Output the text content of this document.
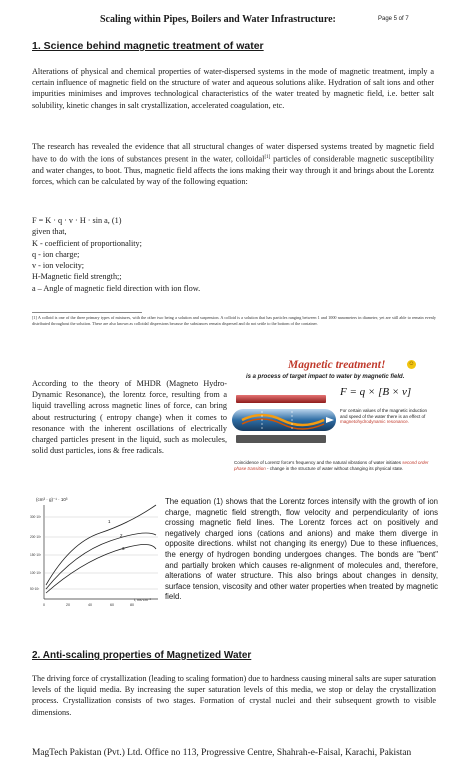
Scaling within Pipes, Boilers and Water Infrastructure:	Page 5 of 7
1. Science behind magnetic treatment of water

Alterations of physical and chemical properties of water-dispersed systems in the mode of magnetic treatment, imply a certain influence of magnetic field on the structure of water and aqueous solutions alike. Hydration of salt ions and other impurities minimises and improves technological characteristics of the water treated by magnetic field, i.e. better salt solubility, kinetic changes in salt crystallization, accelerated coagulation, etc.

The research has revealed the evidence that all structural changes of water dispersed systems treated by magnetic field have to do with the ions of substances present in the water, colloidal[1] particles of considerable magnetic susceptibility and water changes, to boot. Thus, magnetic field affects the ions making their way through it and brings about the Lorentz forces, which can be calculated by way of the following equation:

F = K · q · v · H · sin a, (1)
given that,
K - coefficient of proportionality;
q - ion charge;
v - ion velocity;
H-Magnetic field strength;;
a – Angle of magnetic field direction with ion flow.
[1] A colloid is one of the three primary types of mixtures, with the other two being a solution and suspension. A colloid is a solution that has particles ranging between 1 and 1000 nanometers in diameter, yet are still able to remain evenly distributed throughout the solution. These are also known as colloidal dispersions because the substances remain dispersed and do not settle to the bottom of the container.
Magnetic treatment!	☺
is a process of target impact to water by magnetic field.
F = q × [B × v]
For certain values of the magnetic induction and speed of the water there is an effect of magnetohydrodynamic resonance.
Coincidence of Lorentz force's frequency and the natural vibrations of water initiates second order phase transition - change in the structure of water without changing its physical state.

According to the theory of MHDR (Magneto Hydro-Dynamic Resonance), the lorentz force, resulting from a liquid travelling across magnetic lines of force, can bring about restructuring ( entropy change) when it comes to resonance with the inherent oscillations of electrically charged particles present in the liquid, such as molecules, solid dust particles, ions & free radicals.

(cm³ · g)⁻¹ · 10³
300·10³
200·10³
150·10³
100·10³
50·10³
0	20	40	60	80
t, ms·cm⁻¹
1
2
3

The equation (1) shows that the Lorentz forces intensify with the growth of ion charge, magnetic field strength, flow velocity and perpendicularity of ions crossing magnetic field lines. The Lorentz forces act on positively and negatively charged ions (cations and anions) and make them diverge in opposite directions. whilst not changing its energy) Due to these influences, the energy of hydrogen bonding undergoes changes. The bonds are "bent" and partially broken which causes re-alignment of molecules and, therefore, alterations of water structure. This also brings about changes in density, surface tension, viscosity and other water properties when treated by magnetic field.

2. Anti-scaling properties of Magnetized Water

The driving force of crystallization (leading to scaling formation) due to hardness causing mineral salts are super saturation levels of the liquid media. By increasing the super saturation levels of this media, we stop or delay the crystallization process. Crystallization consists of two stages. Formation of crystal nuclei and their subsequent growth to visible dimensions.

MagTech Pakistan (Pvt.) Ltd. Office no 113, Progressive Centre, Shahrah-e-Faisal, Karachi, Pakistan
